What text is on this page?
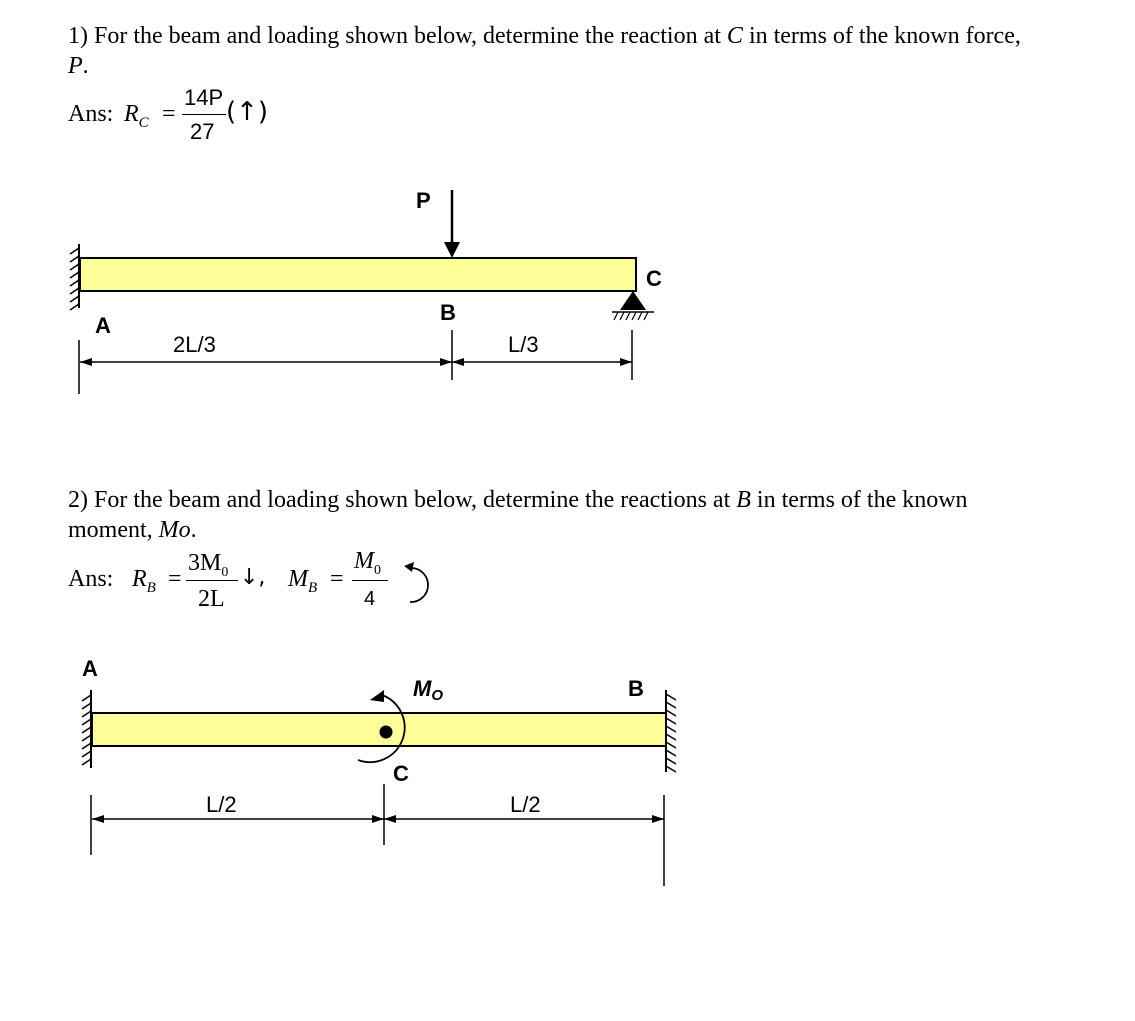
1) For the beam and loading shown below, determine the reaction at C in terms of the known force,
P.
Ans: $R_C$ =
14P
27
(↑)
P
C
B
A
2L/3	L/3
2) For the beam and loading shown below, determine the reactions at B in terms of the known
moment, Mo.
Ans: $R_B$ =
$3M_0$
2L
↓, $M_B$ =
$M_0$
4
A
MO	B
C
L/2	L/2
